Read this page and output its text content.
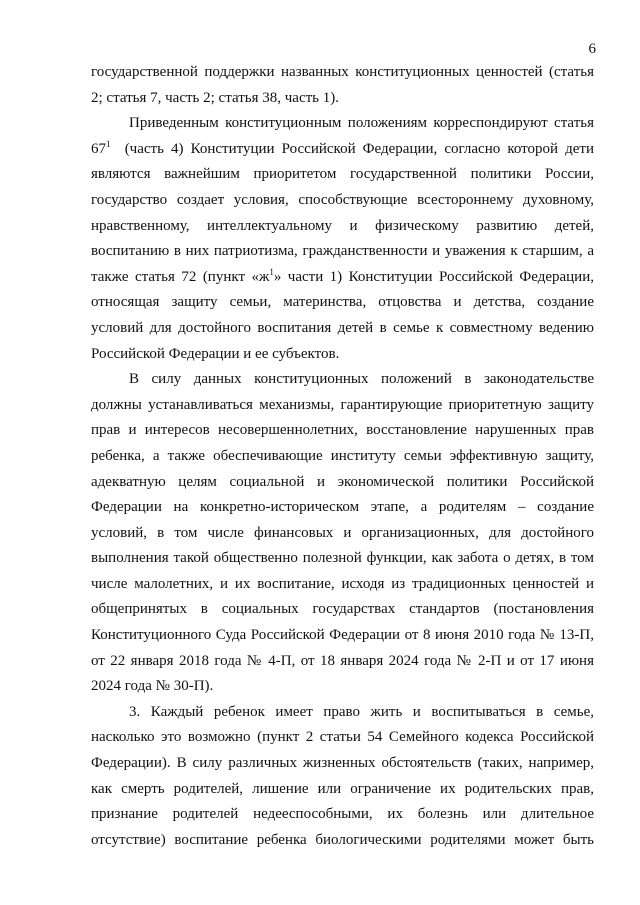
6
государственной поддержки названных конституционных ценностей (статья
2; статья 7, часть 2; статья 38, часть 1).
Приведенным конституционным положениям корреспондируют статья
$67^1$ (часть 4) Конституции Российской Федерации, согласно которой дети
являются важнейшим приоритетом государственной политики России,
государство создает условия, способствующие всестороннему духовному,
нравственному, интеллектуальному и физическому развитию детей,
воспитанию в них патриотизма, гражданственности и уважения к старшим, а
также статья 72 (пункт «$ж^1$» части 1) Конституции Российской Федерации,
относящая защиту семьи, материнства, отцовства и детства, создание
условий для достойного воспитания детей в семье к совместному ведению
Российской Федерации и ее субъектов.
В силу данных конституционных положений в законодательстве
должны устанавливаться механизмы, гарантирующие приоритетную защиту
прав и интересов несовершеннолетних, восстановление нарушенных прав
ребенка, а также обеспечивающие институту семьи эффективную защиту,
адекватную целям социальной и экономической политики Российской
Федерации на конкретно-историческом этапе, а родителям – создание
условий, в том числе финансовых и организационных, для достойного
выполнения такой общественно полезной функции, как забота о детях, в том
числе малолетних, и их воспитание, исходя из традиционных ценностей и
общепринятых в социальных государствах стандартов (постановления
Конституционного Суда Российской Федерации от 8 июня 2010 года № 13-П,
от 22 января 2018 года № 4-П, от 18 января 2024 года № 2-П и от 17 июня
2024 года № 30-П).
3. Каждый ребенок имеет право жить и воспитываться в семье,
насколько это возможно (пункт 2 статьи 54 Семейного кодекса Российской
Федерации). В силу различных жизненных обстоятельств (таких, например,
как смерть родителей, лишение или ограничение их родительских прав,
признание родителей недееспособными, их болезнь или длительное
отсутствие) воспитание ребенка биологическими родителями может быть
